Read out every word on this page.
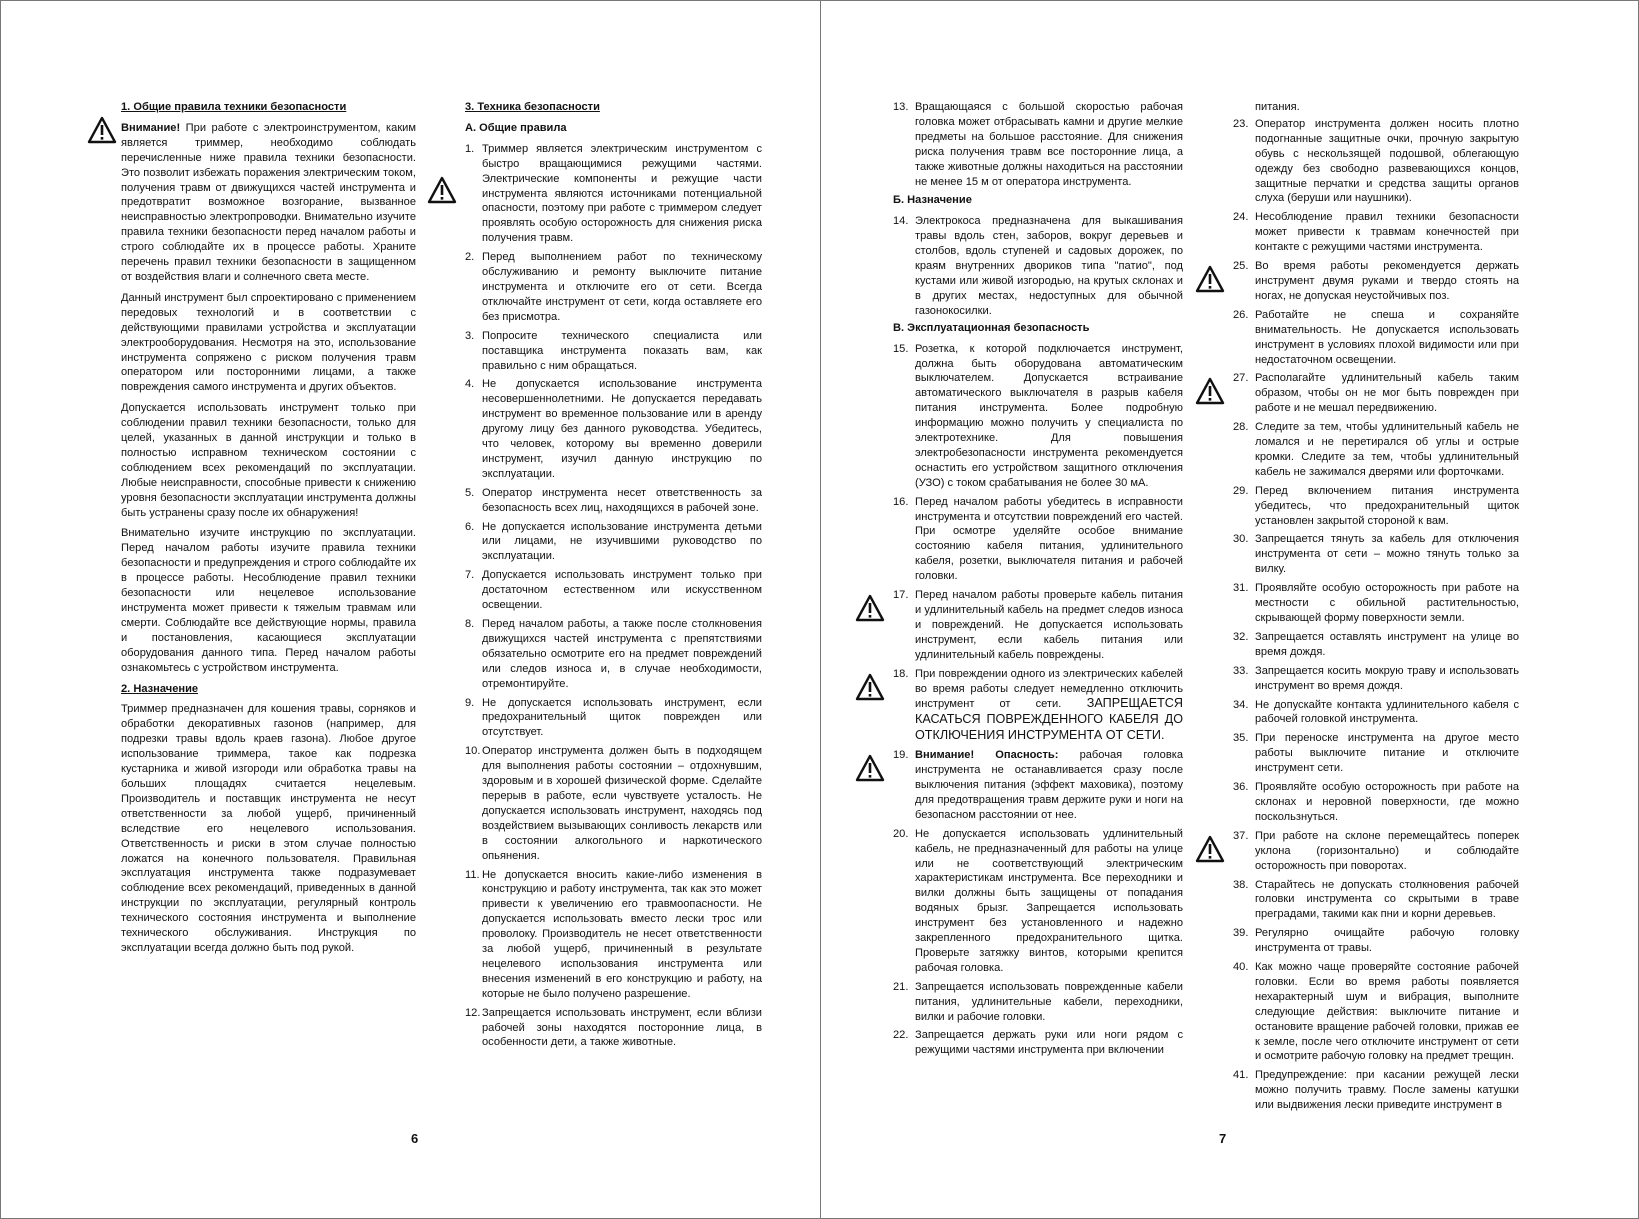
1. Общие правила техники безопасности

Внимание! При работе с электроинструментом, каким является триммер, необходимо соблюдать перечисленные ниже правила техники безопасности. Это позволит избежать поражения электрическим током, получения травм от движущихся частей инструмента и предотвратит возможное возгорание, вызванное неисправностью электропроводки. Внимательно изучите правила техники безопасности перед началом работы и строго соблюдайте их в процессе работы. Храните перечень правил техники безопасности в защищенном от воздействия влаги и солнечного света месте.

Данный инструмент был спроектировано с применением передовых технологий и в соответствии с действующими правилами устройства и эксплуатации электрооборудования. Несмотря на это, использование инструмента сопряжено с риском получения травм оператором или посторонними лицами, а также повреждения самого инструмента и других объектов.

Допускается использовать инструмент только при соблюдении правил техники безопасности, только для целей, указанных в данной инструкции и только в полностью исправном техническом состоянии с соблюдением всех рекомендаций по эксплуатации. Любые неисправности, способные привести к снижению уровня безопасности эксплуатации инструмента должны быть устранены сразу после их обнаружения!

Внимательно изучите инструкцию по эксплуатации. Перед началом работы изучите правила техники безопасности и предупреждения и строго соблюдайте их в процессе работы. Несоблюдение правил техники безопасности или нецелевое использование инструмента может привести к тяжелым травмам или смерти. Соблюдайте все действующие нормы, правила и постановления, касающиеся эксплуатации оборудования данного типа. Перед началом работы ознакомьтесь с устройством инструмента.

2. Назначение

Триммер предназначен для кошения травы, сорняков и обработки декоративных газонов (например, для подрезки травы вдоль краев газона). Любое другое использование триммера, такое как подрезка кустарника и живой изгороди или обработка травы на больших площадях считается нецелевым. Производитель и поставщик инструмента не несут ответственности за любой ущерб, причиненный вследствие его нецелевого использования. Ответственность и риски в этом случае полностью ложатся на конечного пользователя. Правильная эксплуатация инструмента также подразумевает соблюдение всех рекомендаций, приведенных в данной инструкции по эксплуатации, регулярный контроль технического состояния инструмента и выполнение технического обслуживания. Инструкция по эксплуатации всегда должно быть под рукой.

3. Техника безопасности

А. Общие правила

1. Триммер является электрическим инструментом с быстро вращающимися режущими частями. Электрические компоненты и режущие части инструмента являются источниками потенциальной опасности, поэтому при работе с триммером следует проявлять особую осторожность для снижения риска получения травм.
2. Перед выполнением работ по техническому обслуживанию и ремонту выключите питание инструмента и отключите его от сети. Всегда отключайте инструмент от сети, когда оставляете его без присмотра.
3. Попросите технического специалиста или поставщика инструмента показать вам, как правильно с ним обращаться.
4. Не допускается использование инструмента несовершеннолетними. Не допускается передавать инструмент во временное пользование или в аренду другому лицу без данного руководства. Убедитесь, что человек, которому вы временно доверили инструмент, изучил данную инструкцию по эксплуатации.
5. Оператор инструмента несет ответственность за безопасность всех лиц, находящихся в рабочей зоне.
6. Не допускается использование инструмента детьми или лицами, не изучившими руководство по эксплуатации.
7. Допускается использовать инструмент только при достаточном естественном или искусственном освещении.
8. Перед началом работы, а также после столкновения движущихся частей инструмента с препятствиями обязательно осмотрите его на предмет повреждений или следов износа и, в случае необходимости, отремонтируйте.
9. Не допускается использовать инструмент, если предохранительный щиток поврежден или отсутствует.
10. Оператор инструмента должен быть в подходящем для выполнения работы состоянии – отдохнувшим, здоровым и в хорошей физической форме. Сделайте перерыв в работе, если чувствуете усталость. Не допускается использовать инструмент, находясь под воздействием вызывающих сонливость лекарств или в состоянии алкогольного и наркотического опьянения.
11. Не допускается вносить какие-либо изменения в конструкцию и работу инструмента, так как это может привести к увеличению его травмоопасности. Не допускается использовать вместо лески трос или проволоку. Производитель не несет ответственности за любой ущерб, причиненный в результате нецелевого использования инструмента или внесения изменений в его конструкцию и работу, на которые не было получено разрешение.
12. Запрещается использовать инструмент, если вблизи рабочей зоны находятся посторонние лица, в особенности дети, а также животные.
6
13. Вращающаяся с большой скоростью рабочая головка может отбрасывать камни и другие мелкие предметы на большое расстояние. Для снижения риска получения травм все посторонние лица, а также животные должны находиться на расстоянии не менее 15 м от оператора инструмента.

Б. Назначение

14. Электрокоса предназначена для выкашивания травы вдоль стен, заборов, вокруг деревьев и столбов, вдоль ступеней и садовых дорожек, по краям внутренних двориков типа "патио", под кустами или живой изгородью, на крутых склонах и в других местах, недоступных для обычной газонокосилки.

В. Эксплуатационная безопасность

15. Розетка, к которой подключается инструмент, должна быть оборудована автоматическим выключателем. Допускается встраивание автоматического выключателя в разрыв кабеля питания инструмента. Более подробную информацию можно получить у специалиста по электротехнике. Для повышения электробезопасности инструмента рекомендуется оснастить его устройством защитного отключения (УЗО) с током срабатывания не более 30 мА.
16. Перед началом работы убедитесь в исправности инструмента и отсутствии повреждений его частей. При осмотре уделяйте особое внимание состоянию кабеля питания, удлинительного кабеля, розетки, выключателя питания и рабочей головки.
17. Перед началом работы проверьте кабель питания и удлинительный кабель на предмет следов износа и повреждений. Не допускается использовать инструмент, если кабель питания или удлинительный кабель повреждены.
18. При повреждении одного из электрических кабелей во время работы следует немедленно отключить инструмент от сети. ЗАПРЕЩАЕТСЯ КАСАТЬСЯ ПОВРЕЖДЕННОГО КАБЕЛЯ ДО ОТКЛЮЧЕНИЯ ИНСТРУМЕНТА ОТ СЕТИ.
19. Внимание! Опасность: рабочая головка инструмента не останавливается сразу после выключения питания (эффект маховика), поэтому для предотвращения травм держите руки и ноги на безопасном расстоянии от нее.
20. Не допускается использовать удлинительный кабель, не предназначенный для работы на улице или не соответствующий электрическим характеристикам инструмента. Все переходники и вилки должны быть защищены от попадания водяных брызг. Запрещается использовать инструмент без установленного и надежно закрепленного предохранительного щитка. Проверьте затяжку винтов, которыми крепится рабочая головка.
21. Запрещается использовать поврежденные кабели питания, удлинительные кабели, переходники, вилки и рабочие головки.
22. Запрещается держать руки или ноги рядом с режущими частями инструмента при включении

питания.

23. Оператор инструмента должен носить плотно подогнанные защитные очки, прочную закрытую обувь с нескользящей подошвой, облегающую одежду без свободно развевающихся концов, защитные перчатки и средства защиты органов слуха (беруши или наушники).
24. Несоблюдение правил техники безопасности может привести к травмам конечностей при контакте с режущими частями инструмента.
25. Во время работы рекомендуется держать инструмент двумя руками и твердо стоять на ногах, не допуская неустойчивых поз.
26. Работайте не спеша и сохраняйте внимательность. Не допускается использовать инструмент в условиях плохой видимости или при недостаточном освещении.
27. Располагайте удлинительный кабель таким образом, чтобы он не мог быть поврежден при работе и не мешал передвижению.
28. Следите за тем, чтобы удлинительный кабель не ломался и не перетирался об углы и острые кромки. Следите за тем, чтобы удлинительный кабель не зажимался дверями или форточками.
29. Перед включением питания инструмента убедитесь, что предохранительный щиток установлен закрытой стороной к вам.
30. Запрещается тянуть за кабель для отключения инструмента от сети – можно тянуть только за вилку.
31. Проявляйте особую осторожность при работе на местности с обильной растительностью, скрывающей форму поверхности земли.
32. Запрещается оставлять инструмент на улице во время дождя.
33. Запрещается косить мокрую траву и использовать инструмент во время дождя.
34. Не допускайте контакта удлинительного кабеля с рабочей головкой инструмента.
35. При переноске инструмента на другое место работы выключите питание и отключите инструмент сети.
36. Проявляйте особую осторожность при работе на склонах и неровной поверхности, где можно поскользнуться.
37. При работе на склоне перемещайтесь поперек уклона (горизонтально) и соблюдайте осторожность при поворотах.
38. Старайтесь не допускать столкновения рабочей головки инструмента со скрытыми в траве преградами, такими как пни и корни деревьев.
39. Регулярно очищайте рабочую головку инструмента от травы.
40. Как можно чаще проверяйте состояние рабочей головки. Если во время работы появляется нехарактерный шум и вибрация, выполните следующие действия: выключите питание и остановите вращение рабочей головки, прижав ее к земле, после чего отключите инструмент от сети и осмотрите рабочую головку на предмет трещин.
41. Предупреждение: при касании режущей лески можно получить травму. После замены катушки или выдвижения лески приведите инструмент в
7
